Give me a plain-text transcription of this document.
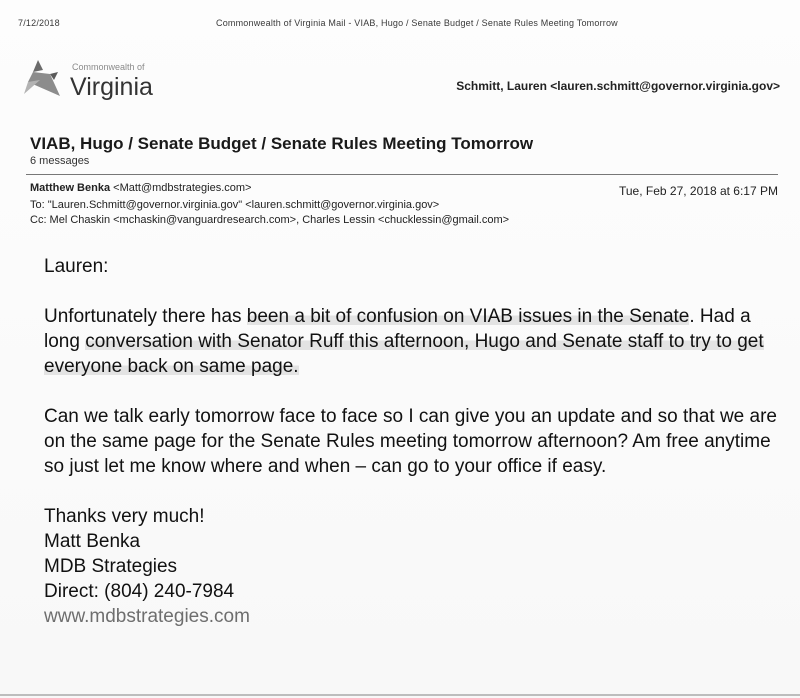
7/12/2018	Commonwealth of Virginia Mail - VIAB, Hugo / Senate Budget / Senate Rules Meeting Tomorrow
Commonwealth of
Virginia	Schmitt, Lauren <lauren.schmitt@governor.virginia.gov>
VIAB, Hugo / Senate Budget / Senate Rules Meeting Tomorrow
6 messages
Matthew Benka <Matt@mdbstrategies.com>	Tue, Feb 27, 2018 at 6:17 PM
To: "Lauren.Schmitt@governor.virginia.gov" <lauren.schmitt@governor.virginia.gov>
Cc: Mel Chaskin <mchaskin@vanguardresearch.com>, Charles Lessin <chucklessin@gmail.com>

Lauren:

Unfortunately there has been a bit of confusion on VIAB issues in the Senate. Had a long conversation with Senator Ruff this afternoon, Hugo and Senate staff to try to get everyone back on same page.

Can we talk early tomorrow face to face so I can give you an update and so that we are on the same page for the Senate Rules meeting tomorrow afternoon? Am free anytime so just let me know where and when – can go to your office if easy.

Thanks very much!
Matt Benka
MDB Strategies
Direct: (804) 240-7984
www.mdbstrategies.com
